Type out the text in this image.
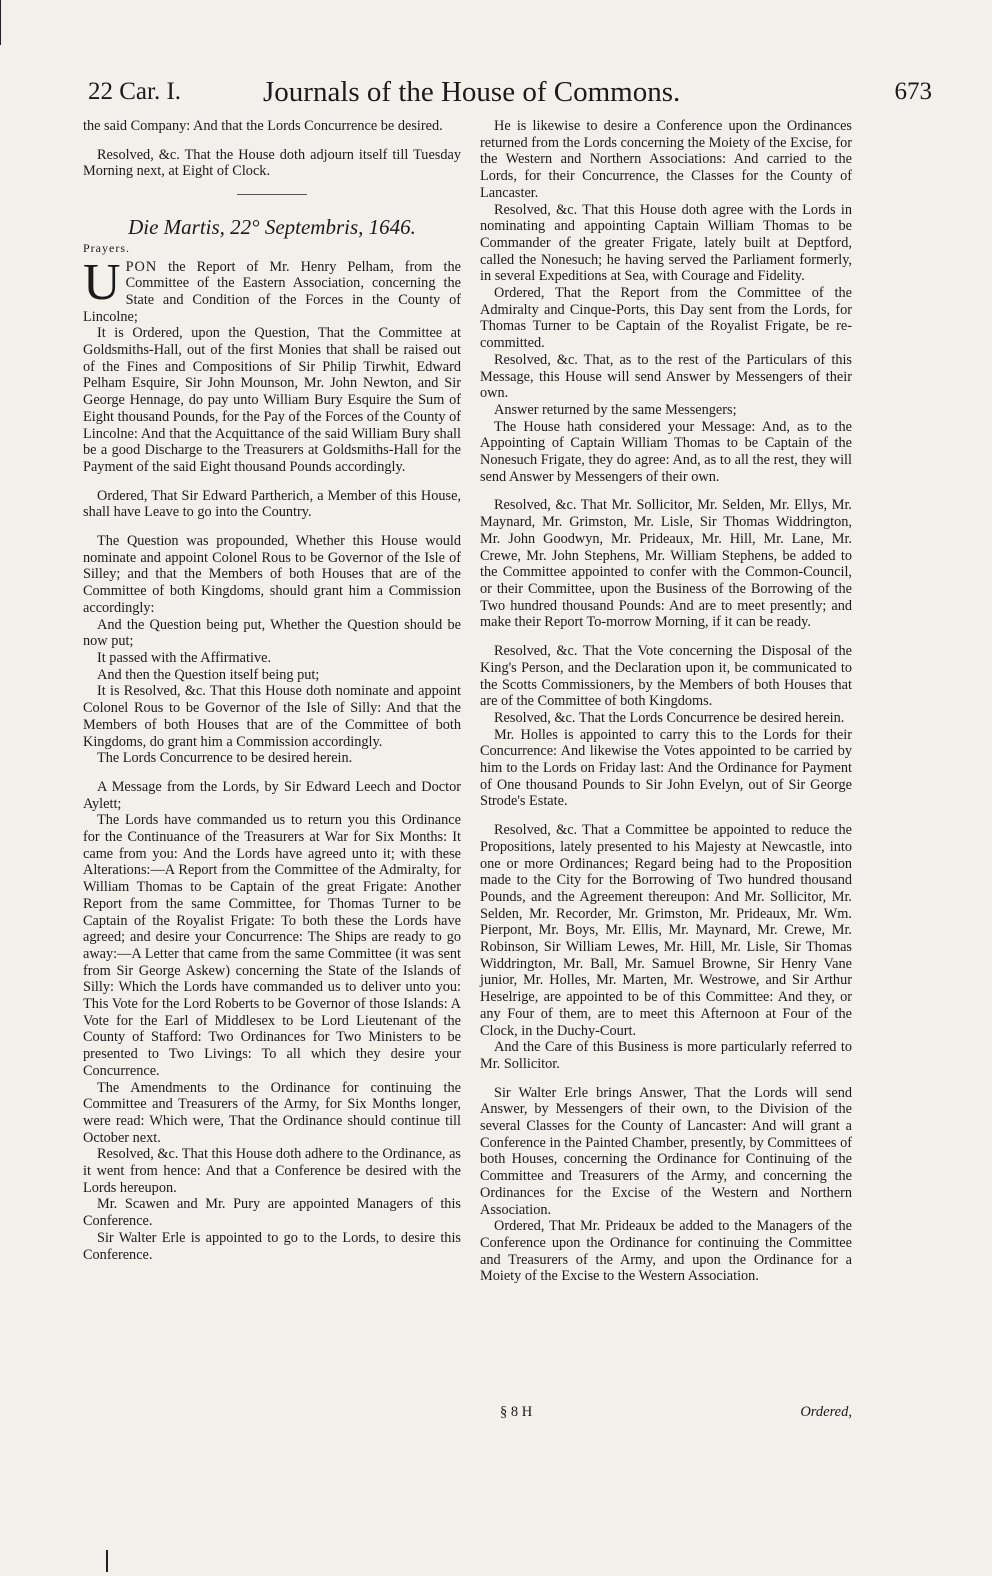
22 Car. I.	Journals of the House of Commons.	673

the said Company: And that the Lords Concurrence be desired.

Resolved, &c. That the House doth adjourn itself till Tuesday Morning next, at Eight of Clock.

Die Martis, 22° Septembris, 1646.
Prayers.

UPON the Report of Mr. Henry Pelham, from the Committee of the Eastern Association, concerning the State and Condition of the Forces in the County of Lincolne;

It is Ordered, upon the Question, That the Committee at Goldsmiths-Hall, out of the first Monies that shall be raised out of the Fines and Compositions of Sir Philip Tirwhit, Edward Pelham Esquire, Sir John Mounson, Mr. John Newton, and Sir George Hennage, do pay unto William Bury Esquire the Sum of Eight thousand Pounds, for the Pay of the Forces of the County of Lincolne: And that the Acquittance of the said William Bury shall be a good Discharge to the Treasurers at Goldsmiths-Hall for the Payment of the said Eight thousand Pounds accordingly.

Ordered, That Sir Edward Partherich, a Member of this House, shall have Leave to go into the Country.

The Question was propounded, Whether this House would nominate and appoint Colonel Rous to be Governor of the Isle of Silley; and that the Members of both Houses that are of the Committee of both Kingdoms, should grant him a Commission accordingly:

And the Question being put, Whether the Question should be now put;

It passed with the Affirmative.

And then the Question itself being put;

It is Resolved, &c. That this House doth nominate and appoint Colonel Rous to be Governor of the Isle of Silly: And that the Members of both Houses that are of the Committee of both Kingdoms, do grant him a Commission accordingly.

The Lords Concurrence to be desired herein.

A Message from the Lords, by Sir Edward Leech and Doctor Aylett;

The Lords have commanded us to return you this Ordinance for the Continuance of the Treasurers at War for Six Months: It came from you: And the Lords have agreed unto it; with these Alterations:—A Report from the Committee of the Admiralty, for William Thomas to be Captain of the great Frigate: Another Report from the same Committee, for Thomas Turner to be Captain of the Royalist Frigate: To both these the Lords have agreed; and desire your Concurrence: The Ships are ready to go away:—A Letter that came from the same Committee (it was sent from Sir George Askew) concerning the State of the Islands of Silly: Which the Lords have commanded us to deliver unto you: This Vote for the Lord Roberts to be Governor of those Islands: A Vote for the Earl of Middlesex to be Lord Lieutenant of the County of Stafford: Two Ordinances for Two Ministers to be presented to Two Livings: To all which they desire your Concurrence.

The Amendments to the Ordinance for continuing the Committee and Treasurers of the Army, for Six Months longer, were read: Which were, That the Ordinance should continue till October next.

Resolved, &c. That this House doth adhere to the Ordinance, as it went from hence: And that a Conference be desired with the Lords hereupon.

Mr. Scawen and Mr. Pury are appointed Managers of this Conference.

Sir Walter Erle is appointed to go to the Lords, to desire this Conference.

He is likewise to desire a Conference upon the Ordinances returned from the Lords concerning the Moiety of the Excise, for the Western and Northern Associations: And carried to the Lords, for their Concurrence, the Classes for the County of Lancaster.

Resolved, &c. That this House doth agree with the Lords in nominating and appointing Captain William Thomas to be Commander of the greater Frigate, lately built at Deptford, called the Nonesuch; he having served the Parliament formerly, in several Expeditions at Sea, with Courage and Fidelity.

Ordered, That the Report from the Committee of the Admiralty and Cinque-Ports, this Day sent from the Lords, for Thomas Turner to be Captain of the Royalist Frigate, be re-committed.

Resolved, &c. That, as to the rest of the Particulars of this Message, this House will send Answer by Messengers of their own.

Answer returned by the same Messengers;

The House hath considered your Message: And, as to the Appointing of Captain William Thomas to be Captain of the Nonesuch Frigate, they do agree: And, as to all the rest, they will send Answer by Messengers of their own.

Resolved, &c. That Mr. Sollicitor, Mr. Selden, Mr. Ellys, Mr. Maynard, Mr. Grimston, Mr. Lisle, Sir Thomas Widdrington, Mr. John Goodwyn, Mr. Prideaux, Mr. Hill, Mr. Lane, Mr. Crewe, Mr. John Stephens, Mr. William Stephens, be added to the Committee appointed to confer with the Common-Council, or their Committee, upon the Business of the Borrowing of the Two hundred thousand Pounds: And are to meet presently; and make their Report To-morrow Morning, if it can be ready.

Resolved, &c. That the Vote concerning the Disposal of the King's Person, and the Declaration upon it, be communicated to the Scotts Commissioners, by the Members of both Houses that are of the Committee of both Kingdoms.

Resolved, &c. That the Lords Concurrence be desired herein.

Mr. Holles is appointed to carry this to the Lords for their Concurrence: And likewise the Votes appointed to be carried by him to the Lords on Friday last: And the Ordinance for Payment of One thousand Pounds to Sir John Evelyn, out of Sir George Strode's Estate.

Resolved, &c. That a Committee be appointed to reduce the Propositions, lately presented to his Majesty at Newcastle, into one or more Ordinances; Regard being had to the Proposition made to the City for the Borrowing of Two hundred thousand Pounds, and the Agreement thereupon: And Mr. Sollicitor, Mr. Selden, Mr. Recorder, Mr. Grimston, Mr. Prideaux, Mr. Wm. Pierpont, Mr. Boys, Mr. Ellis, Mr. Maynard, Mr. Crewe, Mr. Robinson, Sir William Lewes, Mr. Hill, Mr. Lisle, Sir Thomas Widdrington, Mr. Ball, Mr. Samuel Browne, Sir Henry Vane junior, Mr. Holles, Mr. Marten, Mr. Westrowe, and Sir Arthur Heselrige, are appointed to be of this Committee: And they, or any Four of them, are to meet this Afternoon at Four of the Clock, in the Duchy-Court.

And the Care of this Business is more particularly referred to Mr. Sollicitor.

Sir Walter Erle brings Answer, That the Lords will send Answer, by Messengers of their own, to the Division of the several Classes for the County of Lancaster: And will grant a Conference in the Painted Chamber, presently, by Committees of both Houses, concerning the Ordinance for Continuing of the Committee and Treasurers of the Army, and concerning the Ordinances for the Excise of the Western and Northern Association.

Ordered, That Mr. Prideaux be added to the Managers of the Conference upon the Ordinance for continuing the Committee and Treasurers of the Army, and upon the Ordinance for a Moiety of the Excise to the Western Association.

§ 8 H	Ordered,
